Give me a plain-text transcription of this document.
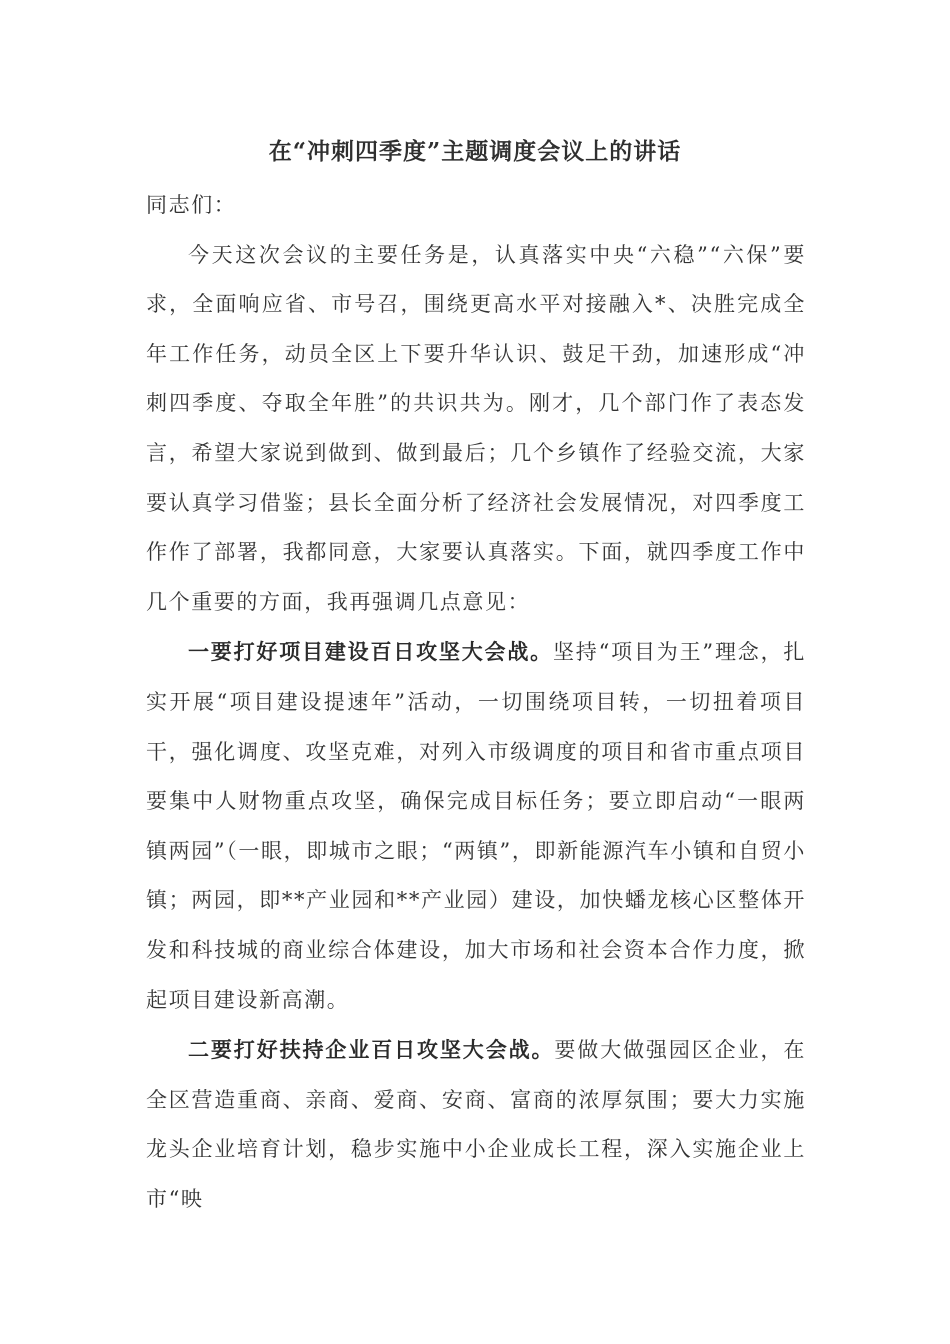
在“冲刺四季度”主题调度会议上的讲话

同志们：

今天这次会议的主要任务是，认真落实中央“六稳”“六保”要求，全面响应省、市号召，围绕更高水平对接融入*、决胜完成全年工作任务，动员全区上下要升华认识、鼓足干劲，加速形成“冲刺四季度、夺取全年胜”的共识共为。刚才，几个部门作了表态发言，希望大家说到做到、做到最后；几个乡镇作了经验交流，大家要认真学习借鉴；县长全面分析了经济社会发展情况，对四季度工作作了部署，我都同意，大家要认真落实。下面，就四季度工作中几个重要的方面，我再强调几点意见：

一要打好项目建设百日攻坚大会战。坚持“项目为王”理念，扎实开展“项目建设提速年”活动，一切围绕项目转，一切扭着项目干，强化调度、攻坚克难，对列入市级调度的项目和省市重点项目要集中人财物重点攻坚，确保完成目标任务；要立即启动“一眼两镇两园”（一眼，即城市之眼；“两镇”，即新能源汽车小镇和自贸小镇；两园，即**产业园和**产业园）建设，加快蟠龙核心区整体开发和科技城的商业综合体建设，加大市场和社会资本合作力度，掀起项目建设新高潮。

二要打好扶持企业百日攻坚大会战。要做大做强园区企业，在全区营造重商、亲商、爱商、安商、富商的浓厚氛围；要大力实施龙头企业培育计划，稳步实施中小企业成长工程，深入实施企业上市“映
